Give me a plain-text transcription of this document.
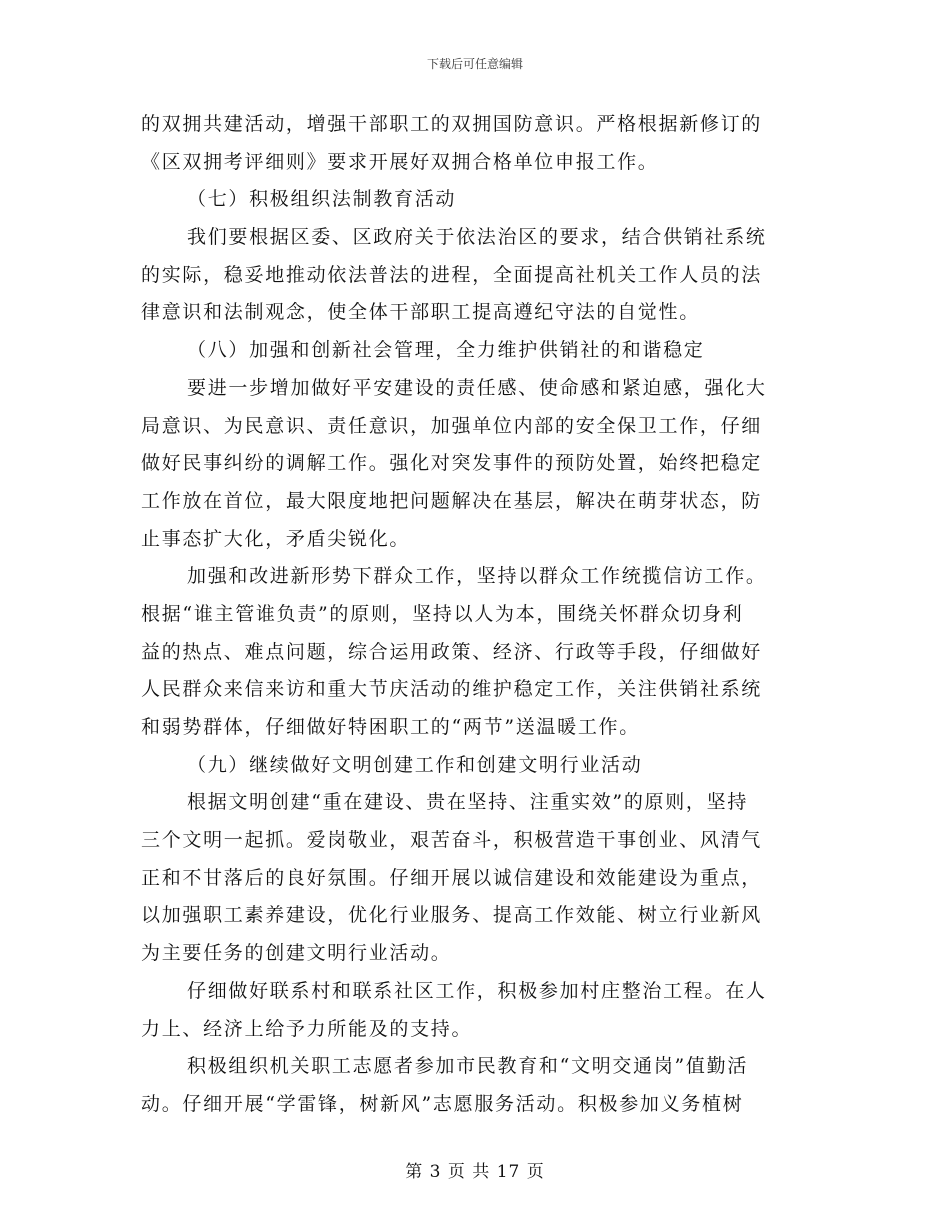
下载后可任意编辑
的双拥共建活动，增强干部职工的双拥国防意识。严格根据新修订的
《区双拥考评细则》要求开展好双拥合格单位申报工作。
（七）积极组织法制教育活动
我们要根据区委、区政府关于依法治区的要求，结合供销社系统
的实际，稳妥地推动依法普法的进程，全面提高社机关工作人员的法
律意识和法制观念，使全体干部职工提高遵纪守法的自觉性。
（八）加强和创新社会管理，全力维护供销社的和谐稳定
要进一步增加做好平安建设的责任感、使命感和紧迫感，强化大
局意识、为民意识、责任意识，加强单位内部的安全保卫工作，仔细
做好民事纠纷的调解工作。强化对突发事件的预防处置，始终把稳定
工作放在首位，最大限度地把问题解决在基层，解决在萌芽状态，防
止事态扩大化，矛盾尖锐化。
加强和改进新形势下群众工作，坚持以群众工作统揽信访工作。
根据“谁主管谁负责”的原则，坚持以人为本，围绕关怀群众切身利
益的热点、难点问题，综合运用政策、经济、行政等手段，仔细做好
人民群众来信来访和重大节庆活动的维护稳定工作，关注供销社系统
和弱势群体，仔细做好特困职工的“两节”送温暖工作。
（九）继续做好文明创建工作和创建文明行业活动
根据文明创建“重在建设、贵在坚持、注重实效”的原则，坚持
三个文明一起抓。爱岗敬业，艰苦奋斗，积极营造干事创业、风清气
正和不甘落后的良好氛围。仔细开展以诚信建设和效能建设为重点，
以加强职工素养建设，优化行业服务、提高工作效能、树立行业新风
为主要任务的创建文明行业活动。
仔细做好联系村和联系社区工作，积极参加村庄整治工程。在人
力上、经济上给予力所能及的支持。
积极组织机关职工志愿者参加市民教育和“文明交通岗”值勤活
动。仔细开展“学雷锋，树新风”志愿服务活动。积极参加义务植树
第 3 页 共 17 页
